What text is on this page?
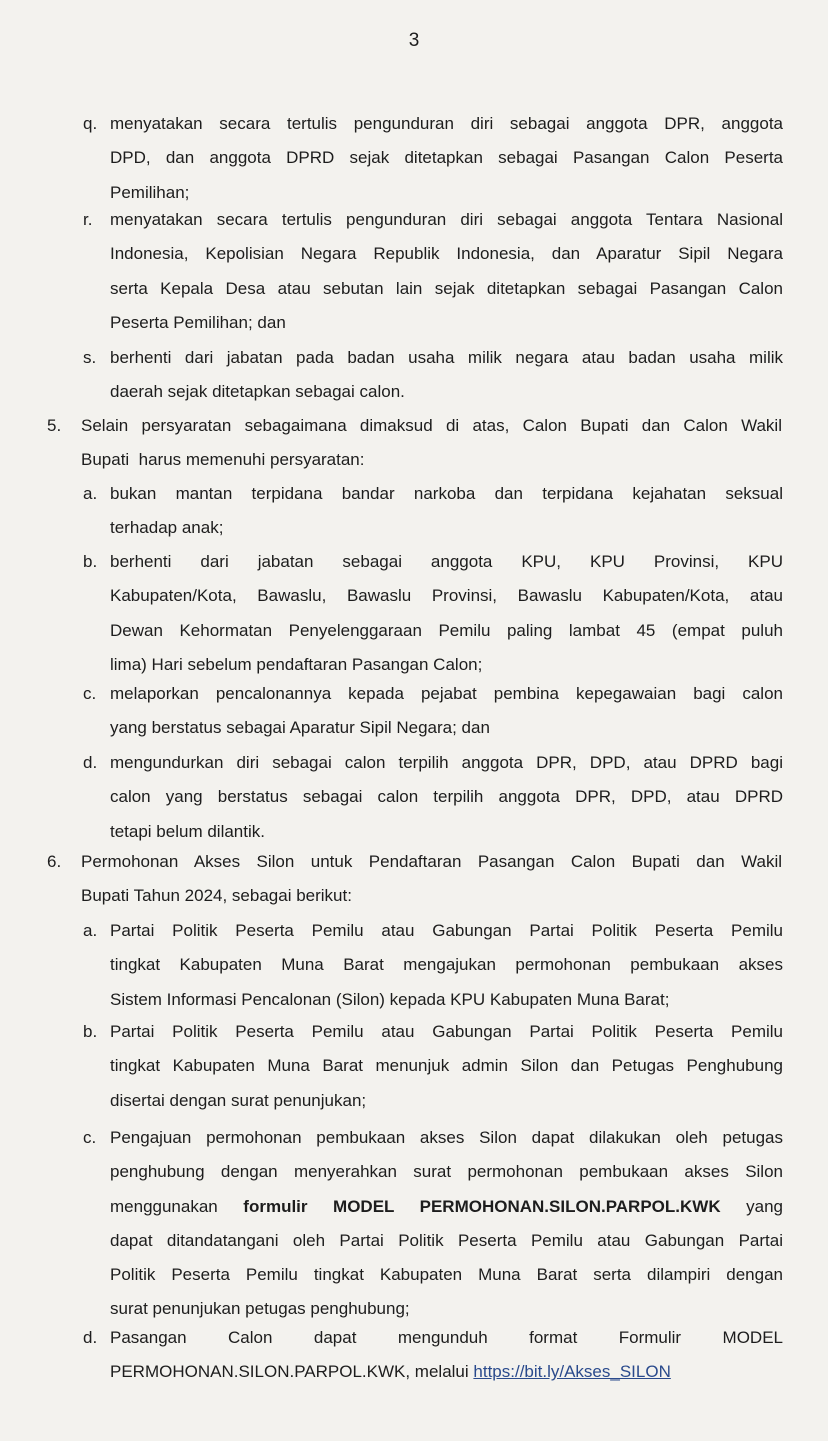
3
q. menyatakan secara tertulis pengunduran diri sebagai anggota DPR, anggota
DPD, dan anggota DPRD sejak ditetapkan sebagai Pasangan Calon Peserta
Pemilihan;
r. menyatakan secara tertulis pengunduran diri sebagai anggota Tentara Nasional
Indonesia, Kepolisian Negara Republik Indonesia, dan Aparatur Sipil Negara
serta Kepala Desa atau sebutan lain sejak ditetapkan sebagai Pasangan Calon
Peserta Pemilihan; dan
s. berhenti dari jabatan pada badan usaha milik negara atau badan usaha milik
daerah sejak ditetapkan sebagai calon.
5. Selain persyaratan sebagaimana dimaksud di atas, Calon Bupati dan Calon Wakil
Bupati  harus memenuhi persyaratan:
a. bukan mantan terpidana bandar narkoba dan terpidana kejahatan seksual
terhadap anak;
b. berhenti dari jabatan sebagai anggota KPU, KPU Provinsi, KPU
Kabupaten/Kota, Bawaslu, Bawaslu Provinsi, Bawaslu Kabupaten/Kota, atau
Dewan Kehormatan Penyelenggaraan Pemilu paling lambat 45 (empat puluh
lima) Hari sebelum pendaftaran Pasangan Calon;
c. melaporkan pencalonannya kepada pejabat pembina kepegawaian bagi calon
yang berstatus sebagai Aparatur Sipil Negara; dan
d. mengundurkan diri sebagai calon terpilih anggota DPR, DPD, atau DPRD bagi
calon yang berstatus sebagai calon terpilih anggota DPR, DPD, atau DPRD
tetapi belum dilantik.
6. Permohonan Akses Silon untuk Pendaftaran Pasangan Calon Bupati dan Wakil
Bupati Tahun 2024, sebagai berikut:
a. Partai Politik Peserta Pemilu atau Gabungan Partai Politik Peserta Pemilu
tingkat Kabupaten Muna Barat mengajukan permohonan pembukaan akses
Sistem Informasi Pencalonan (Silon) kepada KPU Kabupaten Muna Barat;
b. Partai Politik Peserta Pemilu atau Gabungan Partai Politik Peserta Pemilu
tingkat Kabupaten Muna Barat menunjuk admin Silon dan Petugas Penghubung
disertai dengan surat penunjukan;
c. Pengajuan permohonan pembukaan akses Silon dapat dilakukan oleh petugas
penghubung dengan menyerahkan surat permohonan pembukaan akses Silon
menggunakan formulir MODEL PERMOHONAN.SILON.PARPOL.KWK yang
dapat ditandatangani oleh Partai Politik Peserta Pemilu atau Gabungan Partai
Politik Peserta Pemilu tingkat Kabupaten Muna Barat serta dilampiri dengan
surat penunjukan petugas penghubung;
d. Pasangan Calon dapat mengunduh format Formulir MODEL
PERMOHONAN.SILON.PARPOL.KWK, melalui https://bit.ly/Akses_SILON
